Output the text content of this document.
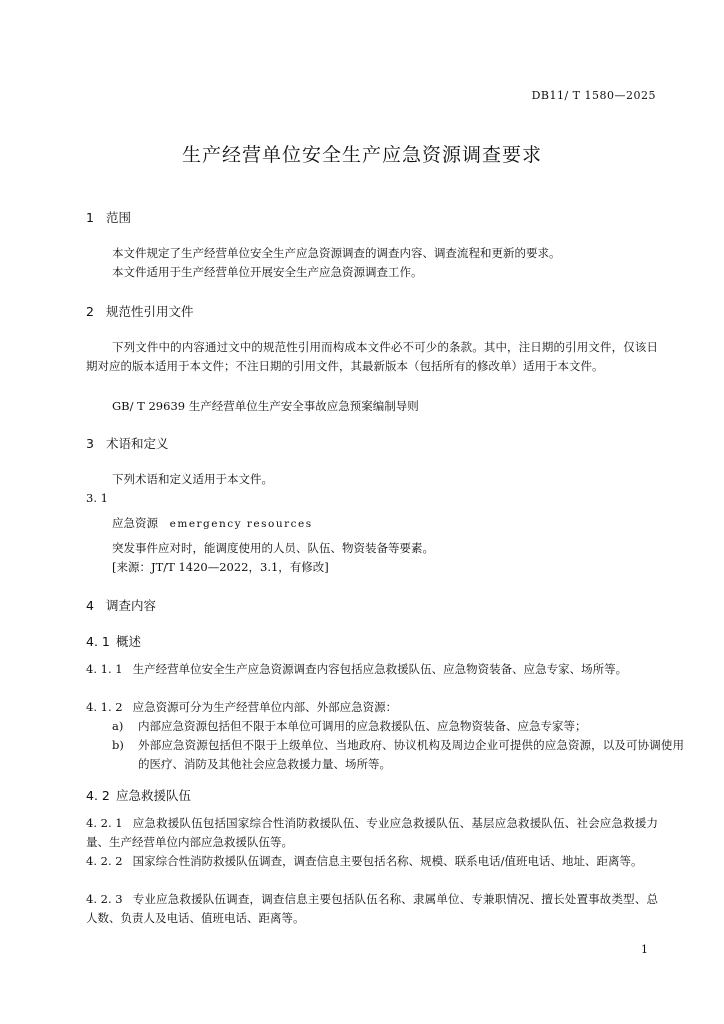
DB11/ T 1580—2025
生产经营单位安全生产应急资源调查要求
1 范围
本文件规定了生产经营单位安全生产应急资源调查的调查内容、调查流程和更新的要求。
本文件适用于生产经营单位开展安全生产应急资源调查工作。
2 规范性引用文件
下列文件中的内容通过文中的规范性引用而构成本文件必不可少的条款。其中，注日期的引用文件，仅该日期对应的版本适用于本文件；不注日期的引用文件，其最新版本（包括所有的修改单）适用于本文件。
GB/ T 29639 生产经营单位生产安全事故应急预案编制导则
3 术语和定义
下列术语和定义适用于本文件。
3. 1
应急资源 emergency resources
突发事件应对时，能调度使用的人员、队伍、物资装备等要素。
[来源：JT/T 1420—2022，3.1，有修改]
4 调查内容
4. 1 概述
4. 1. 1 生产经营单位安全生产应急资源调查内容包括应急救援队伍、应急物资装备、应急专家、场所等。
4. 1. 2 应急资源可分为生产经营单位内部、外部应急资源：
a) 内部应急资源包括但不限于本单位可调用的应急救援队伍、应急物资装备、应急专家等；
b) 外部应急资源包括但不限于上级单位、当地政府、协议机构及周边企业可提供的应急资源，以及可协调使用的医疗、消防及其他社会应急救援力量、场所等。
4. 2 应急救援队伍
4. 2. 1 应急救援队伍包括国家综合性消防救援队伍、专业应急救援队伍、基层应急救援队伍、社会应急救援力量、生产经营单位内部应急救援队伍等。
4. 2. 2 国家综合性消防救援队伍调查，调查信息主要包括名称、规模、联系电话/值班电话、地址、距离等。
4. 2. 3 专业应急救援队伍调查，调查信息主要包括队伍名称、隶属单位、专兼职情况、擅长处置事故类型、总人数、负责人及电话、值班电话、距离等。
1
